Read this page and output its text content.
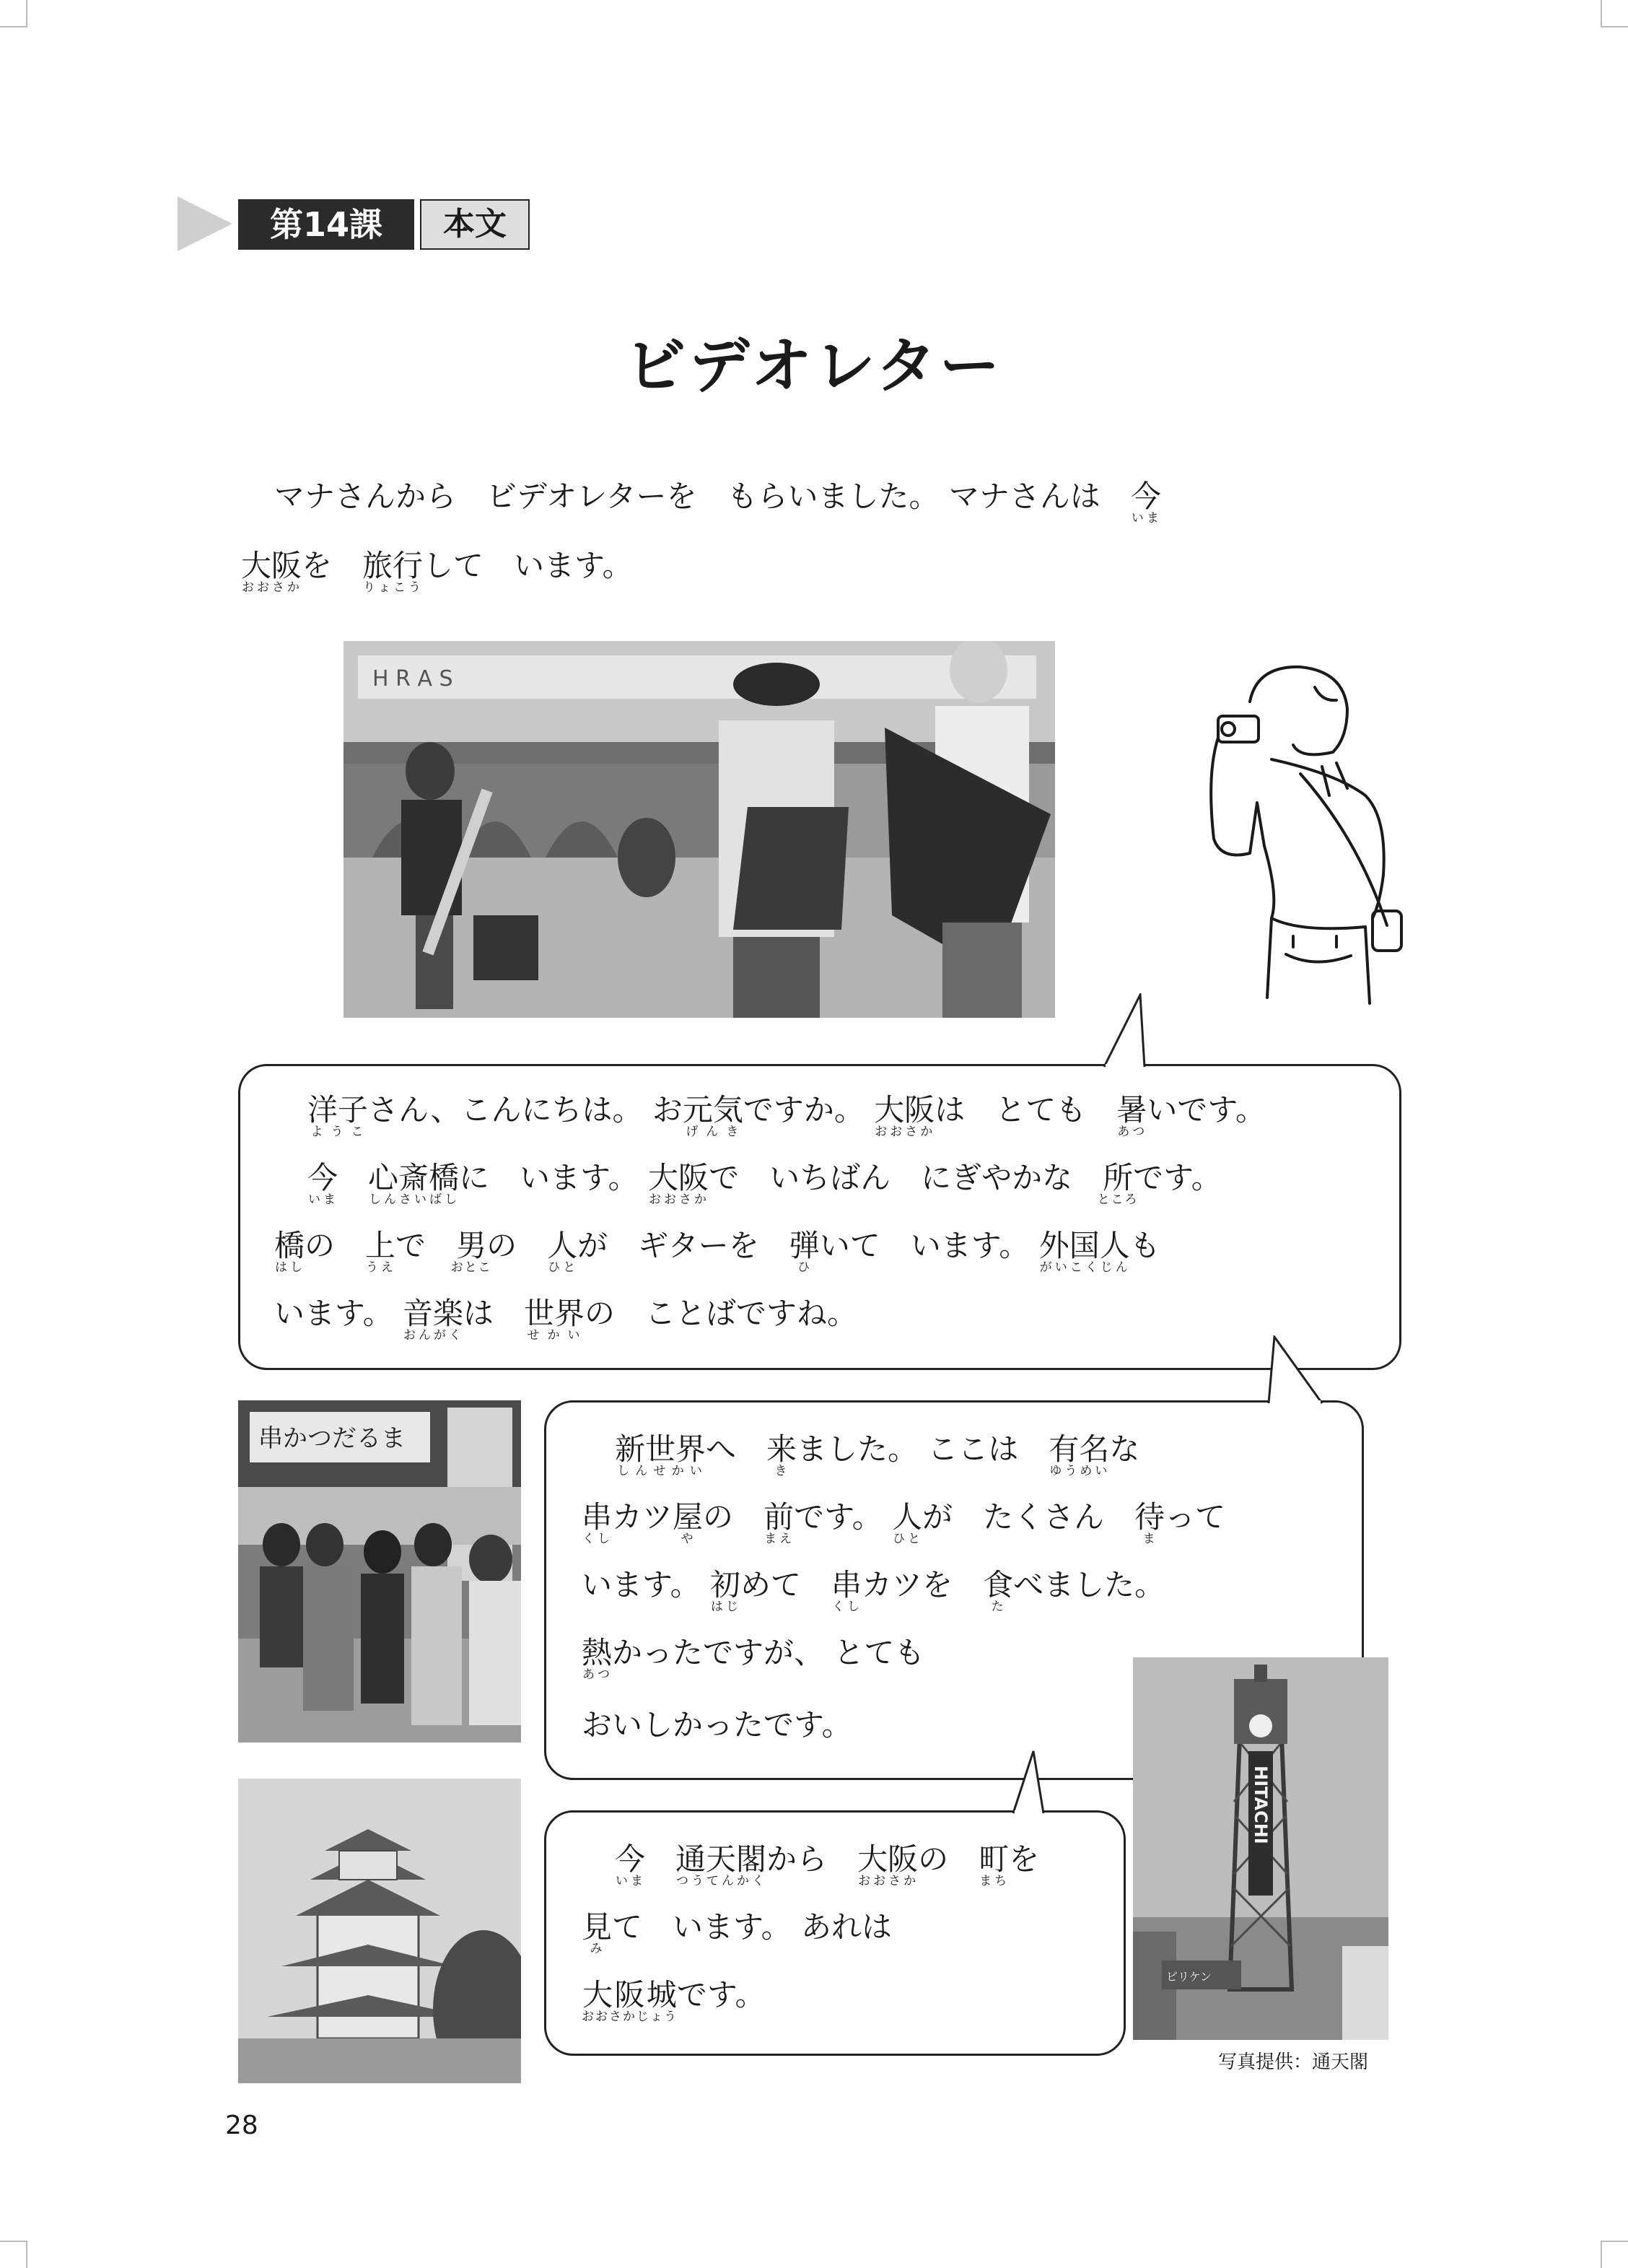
第14課	本文
ビデオレター
マナさんから　ビデオレターを　もらいました。 マナさんは　今いま
大阪おおさかを　旅行りょこうして　います。
H R A S
洋子ようこさん、こんにちは。 お元気げんきですか。 大阪おおさかは　とても　暑あついです。
今いま　心斎橋しんさいばしに　います。 大阪おおさかで　いちばん　にぎやかな　所ところです。
橋はしの　上うえで　男おとこの　人ひとが　ギターを　弾ひいて　います。 外国人がいこくじんも
います。 音楽おんがくは　世界せかいの　ことばですね。
串かつだるま	新世界しんせかいへ　来きました。 ここは　有名ゆうめいな
串くしカツ屋やの　前まえです。 人ひとが　たくさん　待まって
います。 初はじめて　串くしカツを　食たべました。
熱あつかったですが、 とても
おいしかったです。
HITACHI
ビリケン
今いま　通天閣つうてんかくから　大阪おおさかの　町まちを
見みて　います。 あれは
大阪城おおさかじょうです。
写真提供：通天閣
28
